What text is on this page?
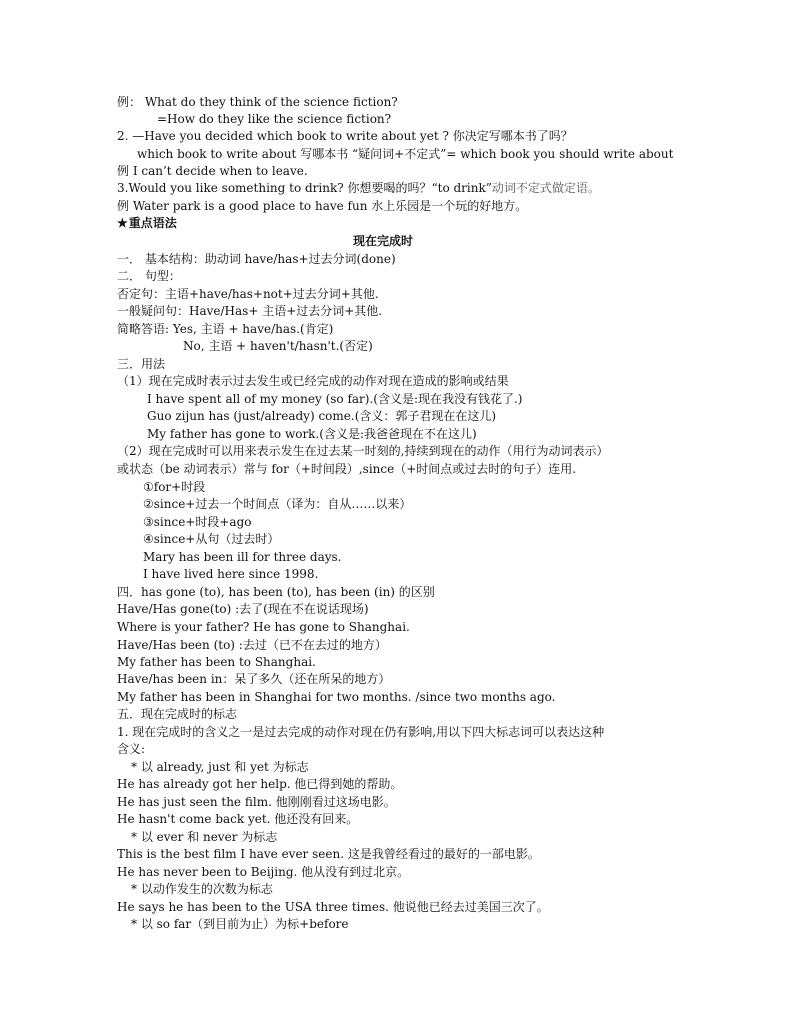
例： What do they think of the science fiction?
=How do they like the science fiction?
2. —Have you decided which book to write about yet ? 你决定写哪本书了吗？
which book to write about 写哪本书 “疑问词+不定式”= which book you should write about
例 I can’t decide when to leave.
3.Would you like something to drink? 你想要喝的吗？“to drink”动词不定式做定语。
例 Water park is a good place to have fun 水上乐园是一个玩的好地方。
★重点语法
现在完成时
一． 基本结构：助动词 have/has+过去分词(done)
二． 句型：
否定句：主语+have/has+not+过去分词+其他.
一般疑问句：Have/Has+ 主语+过去分词+其他.
简略答语: Yes, 主语 + have/has.(肯定)
No, 主语 + haven't/hasn't.(否定)
三．用法
（1）现在完成时表示过去发生或已经完成的动作对现在造成的影响或结果
I have spent all of my money (so far).(含义是:现在我没有钱花了.)
Guo zijun has (just/already) come.(含义：郭子君现在在这儿)
My father has gone to work.(含义是:我爸爸现在不在这儿)
（2）现在完成时可以用来表示发生在过去某一时刻的,持续到现在的动作（用行为动词表示）
或状态（be 动词表示）常与 for（+时间段）,since（+时间点或过去时的句子）连用.
①for+时段
②since+过去一个时间点（译为：自从……以来）
③since+时段+ago
④since+从句（过去时）
Mary has been ill for three days.
I have lived here since 1998.
四．has gone (to), has been (to), has been (in) 的区别
Have/Has gone(to) :去了(现在不在说话现场)
Where is your father? He has gone to Shanghai.
Have/Has been (to) :去过（已不在去过的地方）
My father has been to Shanghai.
Have/has been in：呆了多久（还在所呆的地方）
My father has been in Shanghai for two months. /since two months ago.
五．现在完成时的标志
1. 现在完成时的含义之一是过去完成的动作对现在仍有影响,用以下四大标志词可以表达这种
含义:
* 以 already, just 和 yet 为标志
He has already got her help. 他已得到她的帮助。
He has just seen the film. 他刚刚看过这场电影。
He hasn't come back yet. 他还没有回来。
* 以 ever 和 never 为标志
This is the best film I have ever seen. 这是我曾经看过的最好的一部电影。
He has never been to Beijing. 他从没有到过北京。
* 以动作发生的次数为标志
He says he has been to the USA three times. 他说他已经去过美国三次了。
* 以 so far（到目前为止）为标+before
